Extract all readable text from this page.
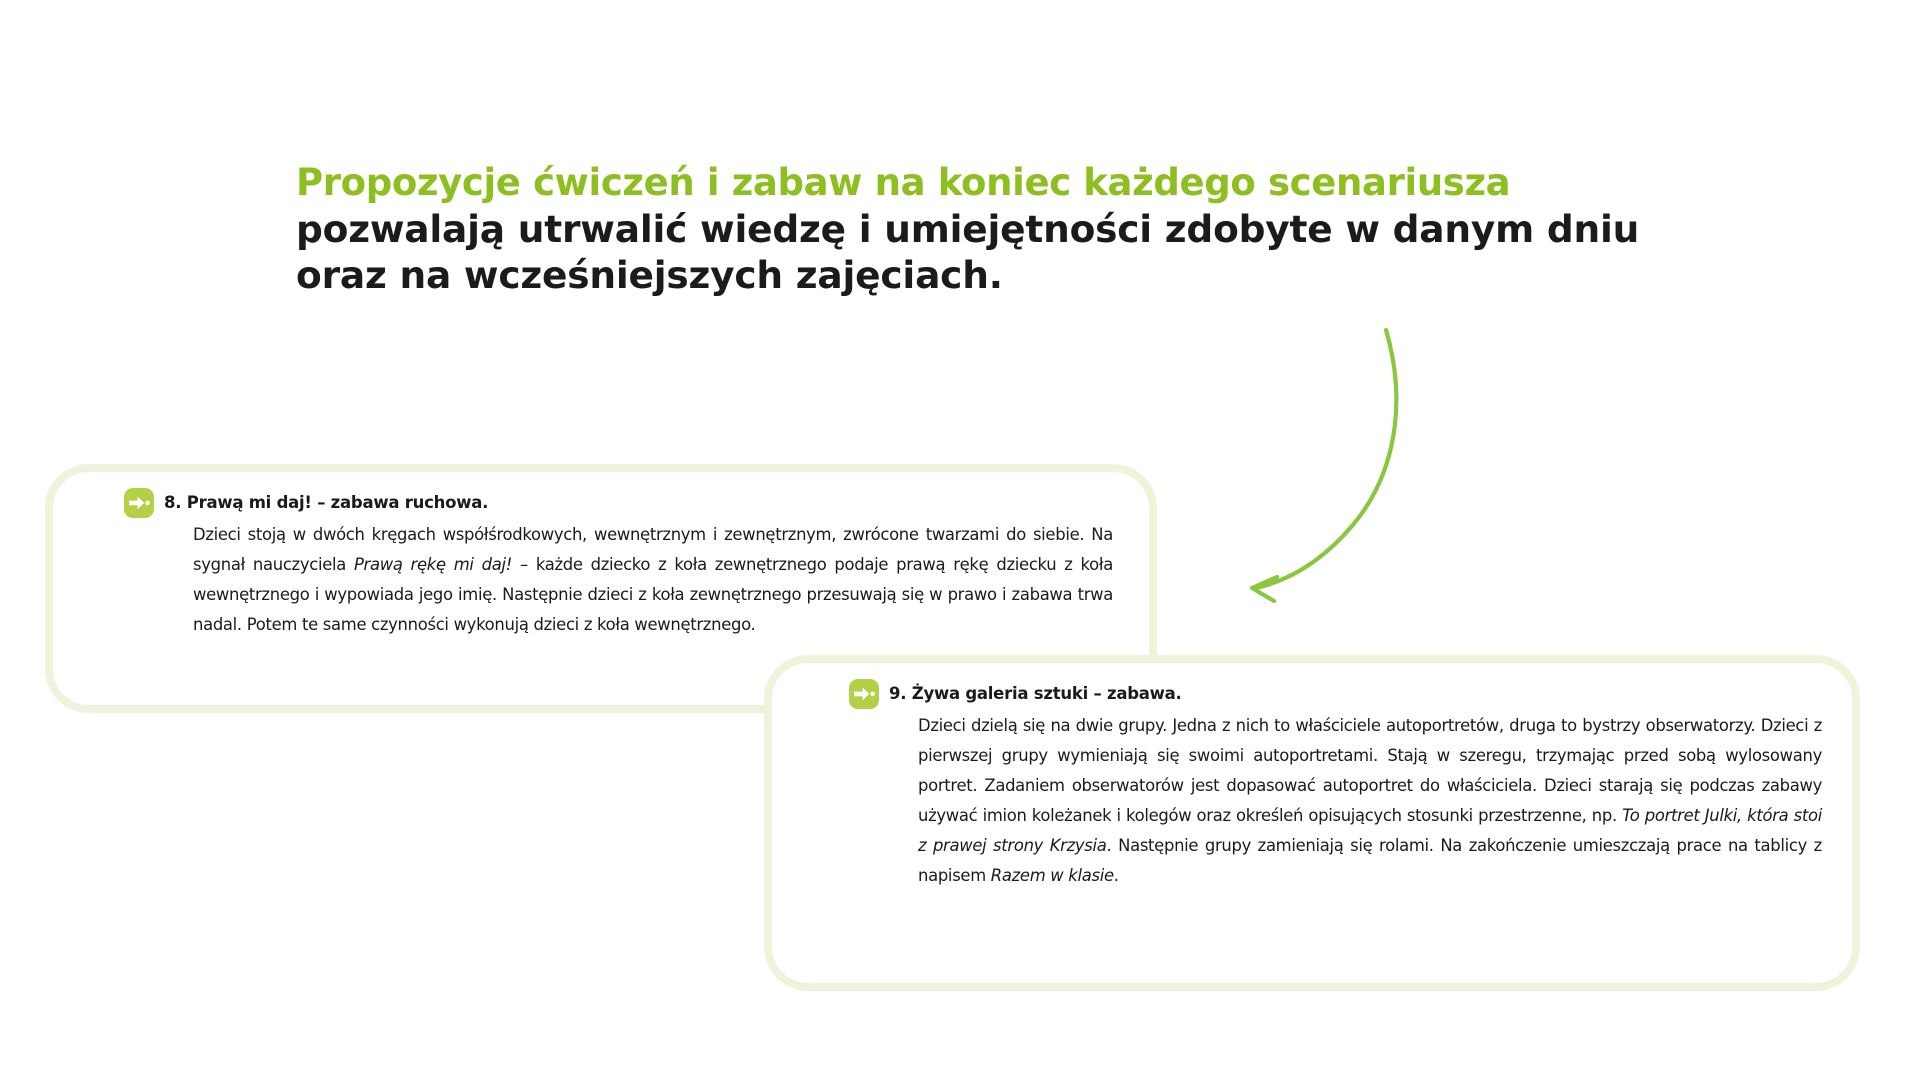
Propozycje ćwiczeń i zabaw na koniec każdego scenariusza
pozwalają utrwalić wiedzę i umiejętności zdobyte w danym dniu
oraz na wcześniejszych zajęciach.
8. Prawą mi daj! – zabawa ruchowa.
Dzieci stoją w dwóch kręgach współśrodkowych, wewnętrznym i zewnętrznym, zwrócone twarzami do siebie. Na sygnał nauczyciela Prawą rękę mi daj! – każde dziecko z koła zewnętrznego podaje prawą rękę dziecku z koła wewnętrznego i wypowiada jego imię. Następnie dzieci z koła zewnętrznego przesuwają się w prawo i zabawa trwa nadal. Potem te same czynności wykonują dzieci z koła wewnętrznego.
9. Żywa galeria sztuki – zabawa.
Dzieci dzielą się na dwie grupy. Jedna z nich to właściciele autoportretów, druga to bystrzy obserwatorzy. Dzieci z pierwszej grupy wymieniają się swoimi autoportretami. Stają w szeregu, trzymając przed sobą wylosowany portret. Zadaniem obserwatorów jest dopasować autoportret do właściciela. Dzieci starają się podczas zabawy używać imion koleżanek i kolegów oraz określeń opisujących stosunki przestrzenne, np. To portret Julki, która stoi z prawej strony Krzysia. Następnie grupy zamieniają się rolami. Na zakończenie umieszczają prace na tablicy z napisem Razem w klasie.
